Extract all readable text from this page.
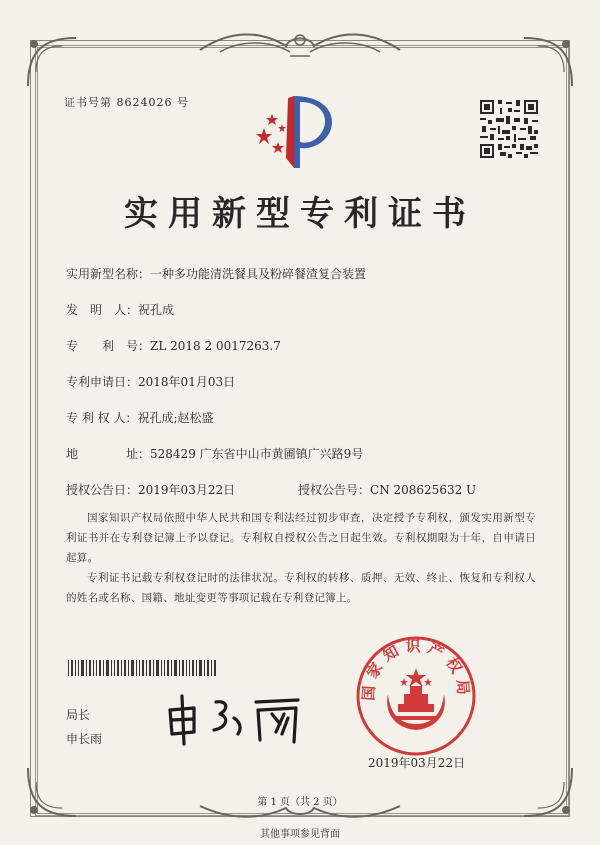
证书号第 8624026 号
实用新型专利证书
实用新型名称：一种多功能清洗餐具及粉碎餐渣复合装置
发　明　人：祝孔成
专　　利　号：ZL 2018 2 0017263.7
专利申请日：2018年01月03日
专 利 权 人：祝孔成;赵松盛
地　　　　址：528429 广东省中山市黄圃镇广兴路9号
授权公告日：2019年03月22日	授权公告号：CN 208625632 U
国家知识产权局依照中华人民共和国专利法经过初步审查，决定授予专利权，颁发实用新型专利证书并在专利登记簿上予以登记。专利权自授权公告之日起生效。专利权期限为十年，自申请日起算。
专利证书记载专利权登记时的法律状况。专利权的转移、质押、无效、终止、恢复和专利权人的姓名或名称、国籍、地址变更等事项记载在专利登记簿上。
局长
申长雨
国家知识产权局
2019年03月22日
第 1 页（共 2 页）
其他事项参见背面
